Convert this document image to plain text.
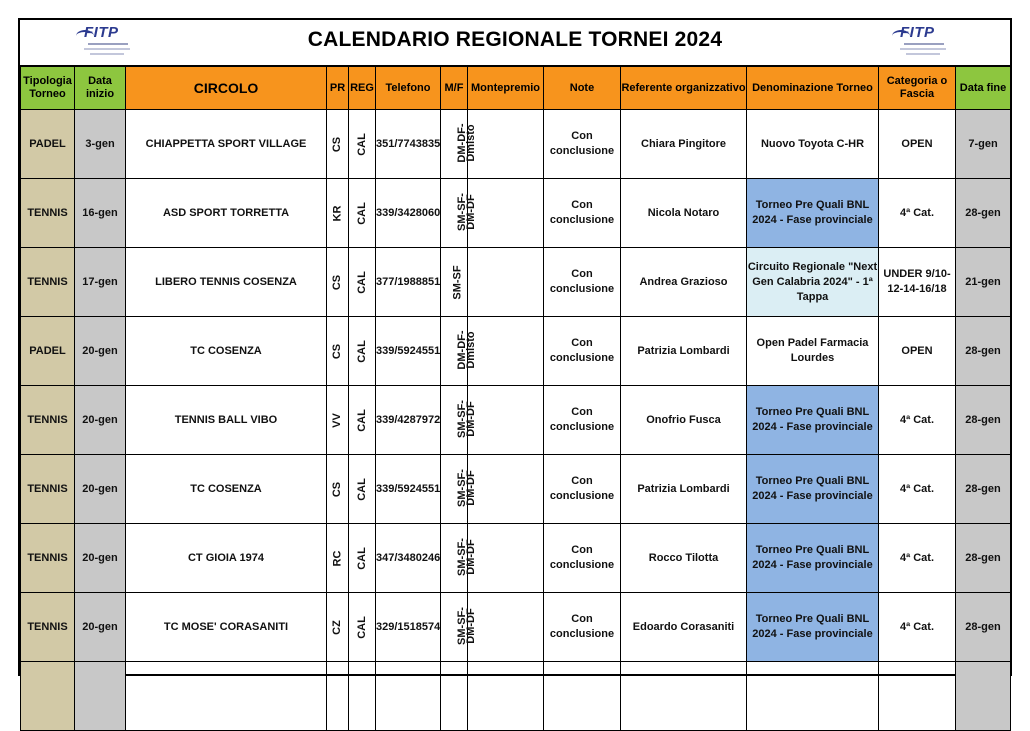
FITP	CALENDARIO REGIONALE TORNEI 2024	FITP
Tipologia Torneo	Data inizio	CIRCOLO	PR	REG	Telefono	M/F	Montepremio	Note	Referente organizzativo	Denominazione Torneo	Categoria o Fascia	Data fine
PADEL	3-gen	CHIAPPETTA SPORT VILLAGE	CS	CAL	351/7743835	DM-DF-Dmisto		Con conclusione	Chiara Pingitore	Nuovo Toyota C-HR	OPEN	7-gen
TENNIS	16-gen	ASD SPORT TORRETTA	KR	CAL	339/3428060	SM-SF-DM-DF		Con conclusione	Nicola Notaro	Torneo Pre Quali BNL 2024 - Fase provinciale	4ª Cat.	28-gen
TENNIS	17-gen	LIBERO TENNIS COSENZA	CS	CAL	377/1988851	SM-SF		Con conclusione	Andrea Grazioso	Circuito Regionale "Next Gen Calabria 2024" - 1ª Tappa	UNDER 9/10-12-14-16/18	21-gen
PADEL	20-gen	TC COSENZA	CS	CAL	339/5924551	DM-DF-Dmisto		Con conclusione	Patrizia Lombardi	Open Padel Farmacia Lourdes	OPEN	28-gen
TENNIS	20-gen	TENNIS BALL VIBO	VV	CAL	339/4287972	SM-SF-DM-DF		Con conclusione	Onofrio Fusca	Torneo Pre Quali BNL 2024 - Fase provinciale	4ª Cat.	28-gen
TENNIS	20-gen	TC COSENZA	CS	CAL	339/5924551	SM-SF-DM-DF		Con conclusione	Patrizia Lombardi	Torneo Pre Quali BNL 2024 - Fase provinciale	4ª Cat.	28-gen
TENNIS	20-gen	CT GIOIA 1974	RC	CAL	347/3480246	SM-SF-DM-DF		Con conclusione	Rocco Tilotta	Torneo Pre Quali BNL 2024 - Fase provinciale	4ª Cat.	28-gen
TENNIS	20-gen	TC MOSE' CORASANITI	CZ	CAL	329/1518574	SM-SF-DM-DF		Con conclusione	Edoardo Corasaniti	Torneo Pre Quali BNL 2024 - Fase provinciale	4ª Cat.	28-gen
